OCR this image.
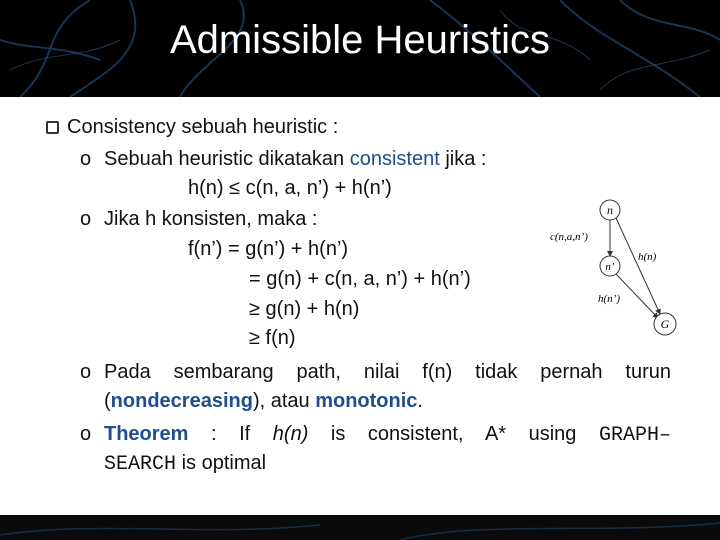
Admissible Heuristics
Consistency sebuah heuristic :
o Sebuah heuristic dikatakan consistent jika :
h(n) ≤ c(n, a, n’) + h(n’)
o Jika h konsisten, maka :
f(n’) = g(n’) + h(n’)
= g(n) + c(n, a, n’) + h(n’)
≥ g(n) + h(n)
≥ f(n)
o Pada sembarang path, nilai f(n) tidak pernah turun
(nondecreasing), atau monotonic.
o Theorem : If h(n) is consistent, A* using GRAPH–
SEARCH is optimal
n
n’
G
c(n,a,n’)
h(n)
h(n’)
